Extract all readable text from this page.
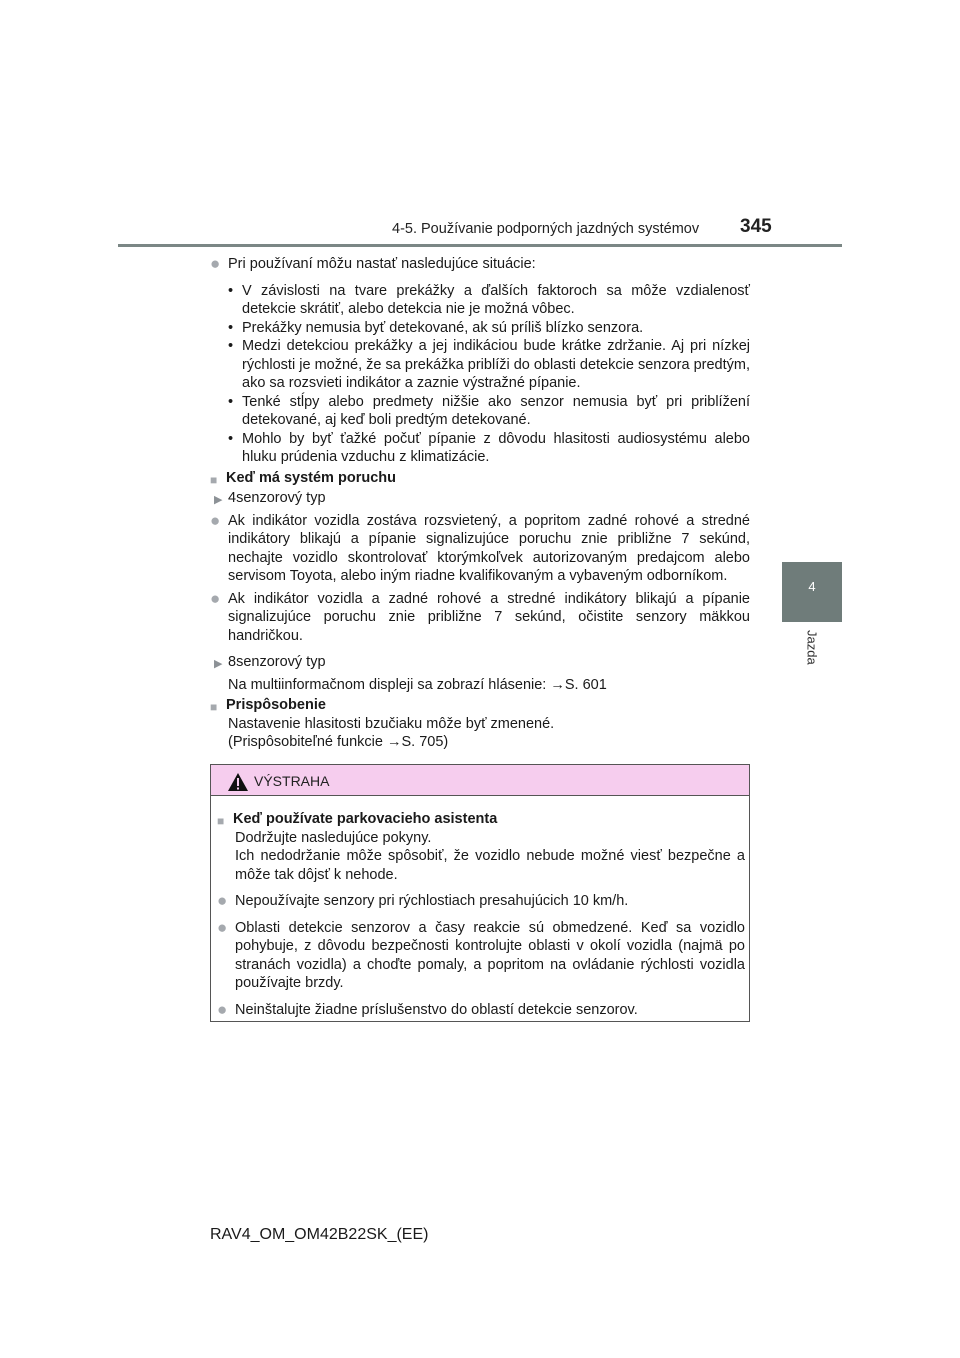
4-5. Používanie podporných jazdných systémov 345
4
Jazda
● Pri používaní môžu nastať nasledujúce situácie:
• V závislosti na tvare prekážky a ďalších faktoroch sa môže vzdialenosť detekcie skrátiť, alebo detekcia nie je možná vôbec.
• Prekážky nemusia byť detekované, ak sú príliš blízko senzora.
• Medzi detekciou prekážky a jej indikáciou bude krátke zdržanie. Aj pri nízkej rýchlosti je možné, že sa prekážka priblíži do oblasti detekcie senzora predtým, ako sa rozsvieti indikátor a zaznie výstražné pípanie.
• Tenké stĺpy alebo predmety nižšie ako senzor nemusia byť pri priblížení detekované, aj keď boli predtým detekované.
• Mohlo by byť ťažké počuť pípanie z dôvodu hlasitosti audiosystému alebo hluku prúdenia vzduchu z klimatizácie.
■ Keď má systém poruchu
▶ 4senzorový typ
● Ak indikátor vozidla zostáva rozsvietený, a popritom zadné rohové a stredné indikátory blikajú a pípanie signalizujúce poruchu znie približne 7 sekúnd, nechajte vozidlo skontrolovať ktorýmkoľvek autorizovaným predajcom alebo servisom Toyota, alebo iným riadne kvalifikovaným a vybaveným odborníkom.
● Ak indikátor vozidla a zadné rohové a stredné indikátory blikajú a pípanie signalizujúce poruchu znie približne 7 sekúnd, očistite senzory mäkkou handričkou.
▶ 8senzorový typ
Na multiinformačnom displeji sa zobrazí hlásenie: →S. 601
■ Prispôsobenie
Nastavenie hlasitosti bzučiaku môže byť zmenené.
(Prispôsobiteľné funkcie →S. 705)
VÝSTRAHA
■ Keď používate parkovacieho asistenta
Dodržujte nasledujúce pokyny.
Ich nedodržanie môže spôsobiť, že vozidlo nebude možné viesť bezpečne a môže tak dôjsť k nehode.
● Nepoužívajte senzory pri rýchlostiach presahujúcich 10 km/h.
● Oblasti detekcie senzorov a časy reakcie sú obmedzené. Keď sa vozidlo pohybuje, z dôvodu bezpečnosti kontrolujte oblasti v okolí vozidla (najmä po stranách vozidla) a choďte pomaly, a popritom na ovládanie rýchlosti vozidla používajte brzdy.
● Neinštalujte žiadne príslušenstvo do oblastí detekcie senzorov.
RAV4_OM_OM42B22SK_(EE)
